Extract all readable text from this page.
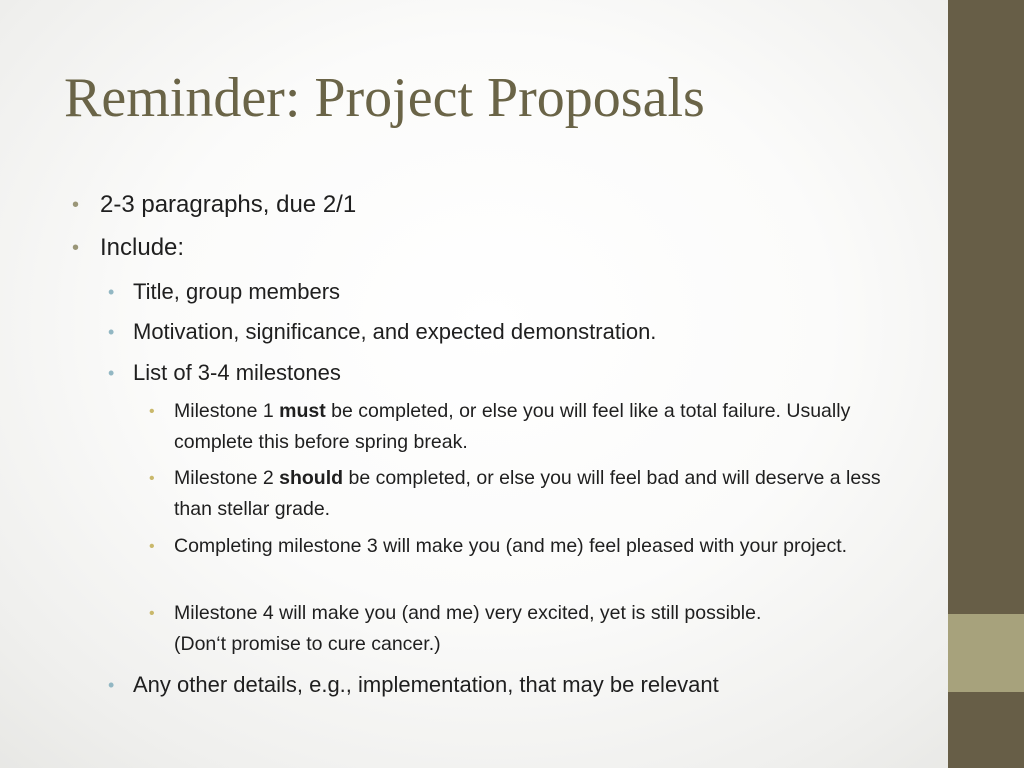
Reminder: Project Proposals
• 2-3 paragraphs, due 2/1
• Include:
• Title, group members
• Motivation, significance, and expected demonstration.
• List of 3-4 milestones
• Milestone 1 must be completed, or else you will feel like a total failure. Usually complete this before spring break.
• Milestone 2 should be completed, or else you will feel bad and will deserve a less than stellar grade.
• Completing milestone 3 will make you (and me) feel pleased with your project.
• Milestone 4 will make you (and me) very excited, yet is still possible.
(Don‘t promise to cure cancer.)
• Any other details, e.g., implementation, that may be relevant
